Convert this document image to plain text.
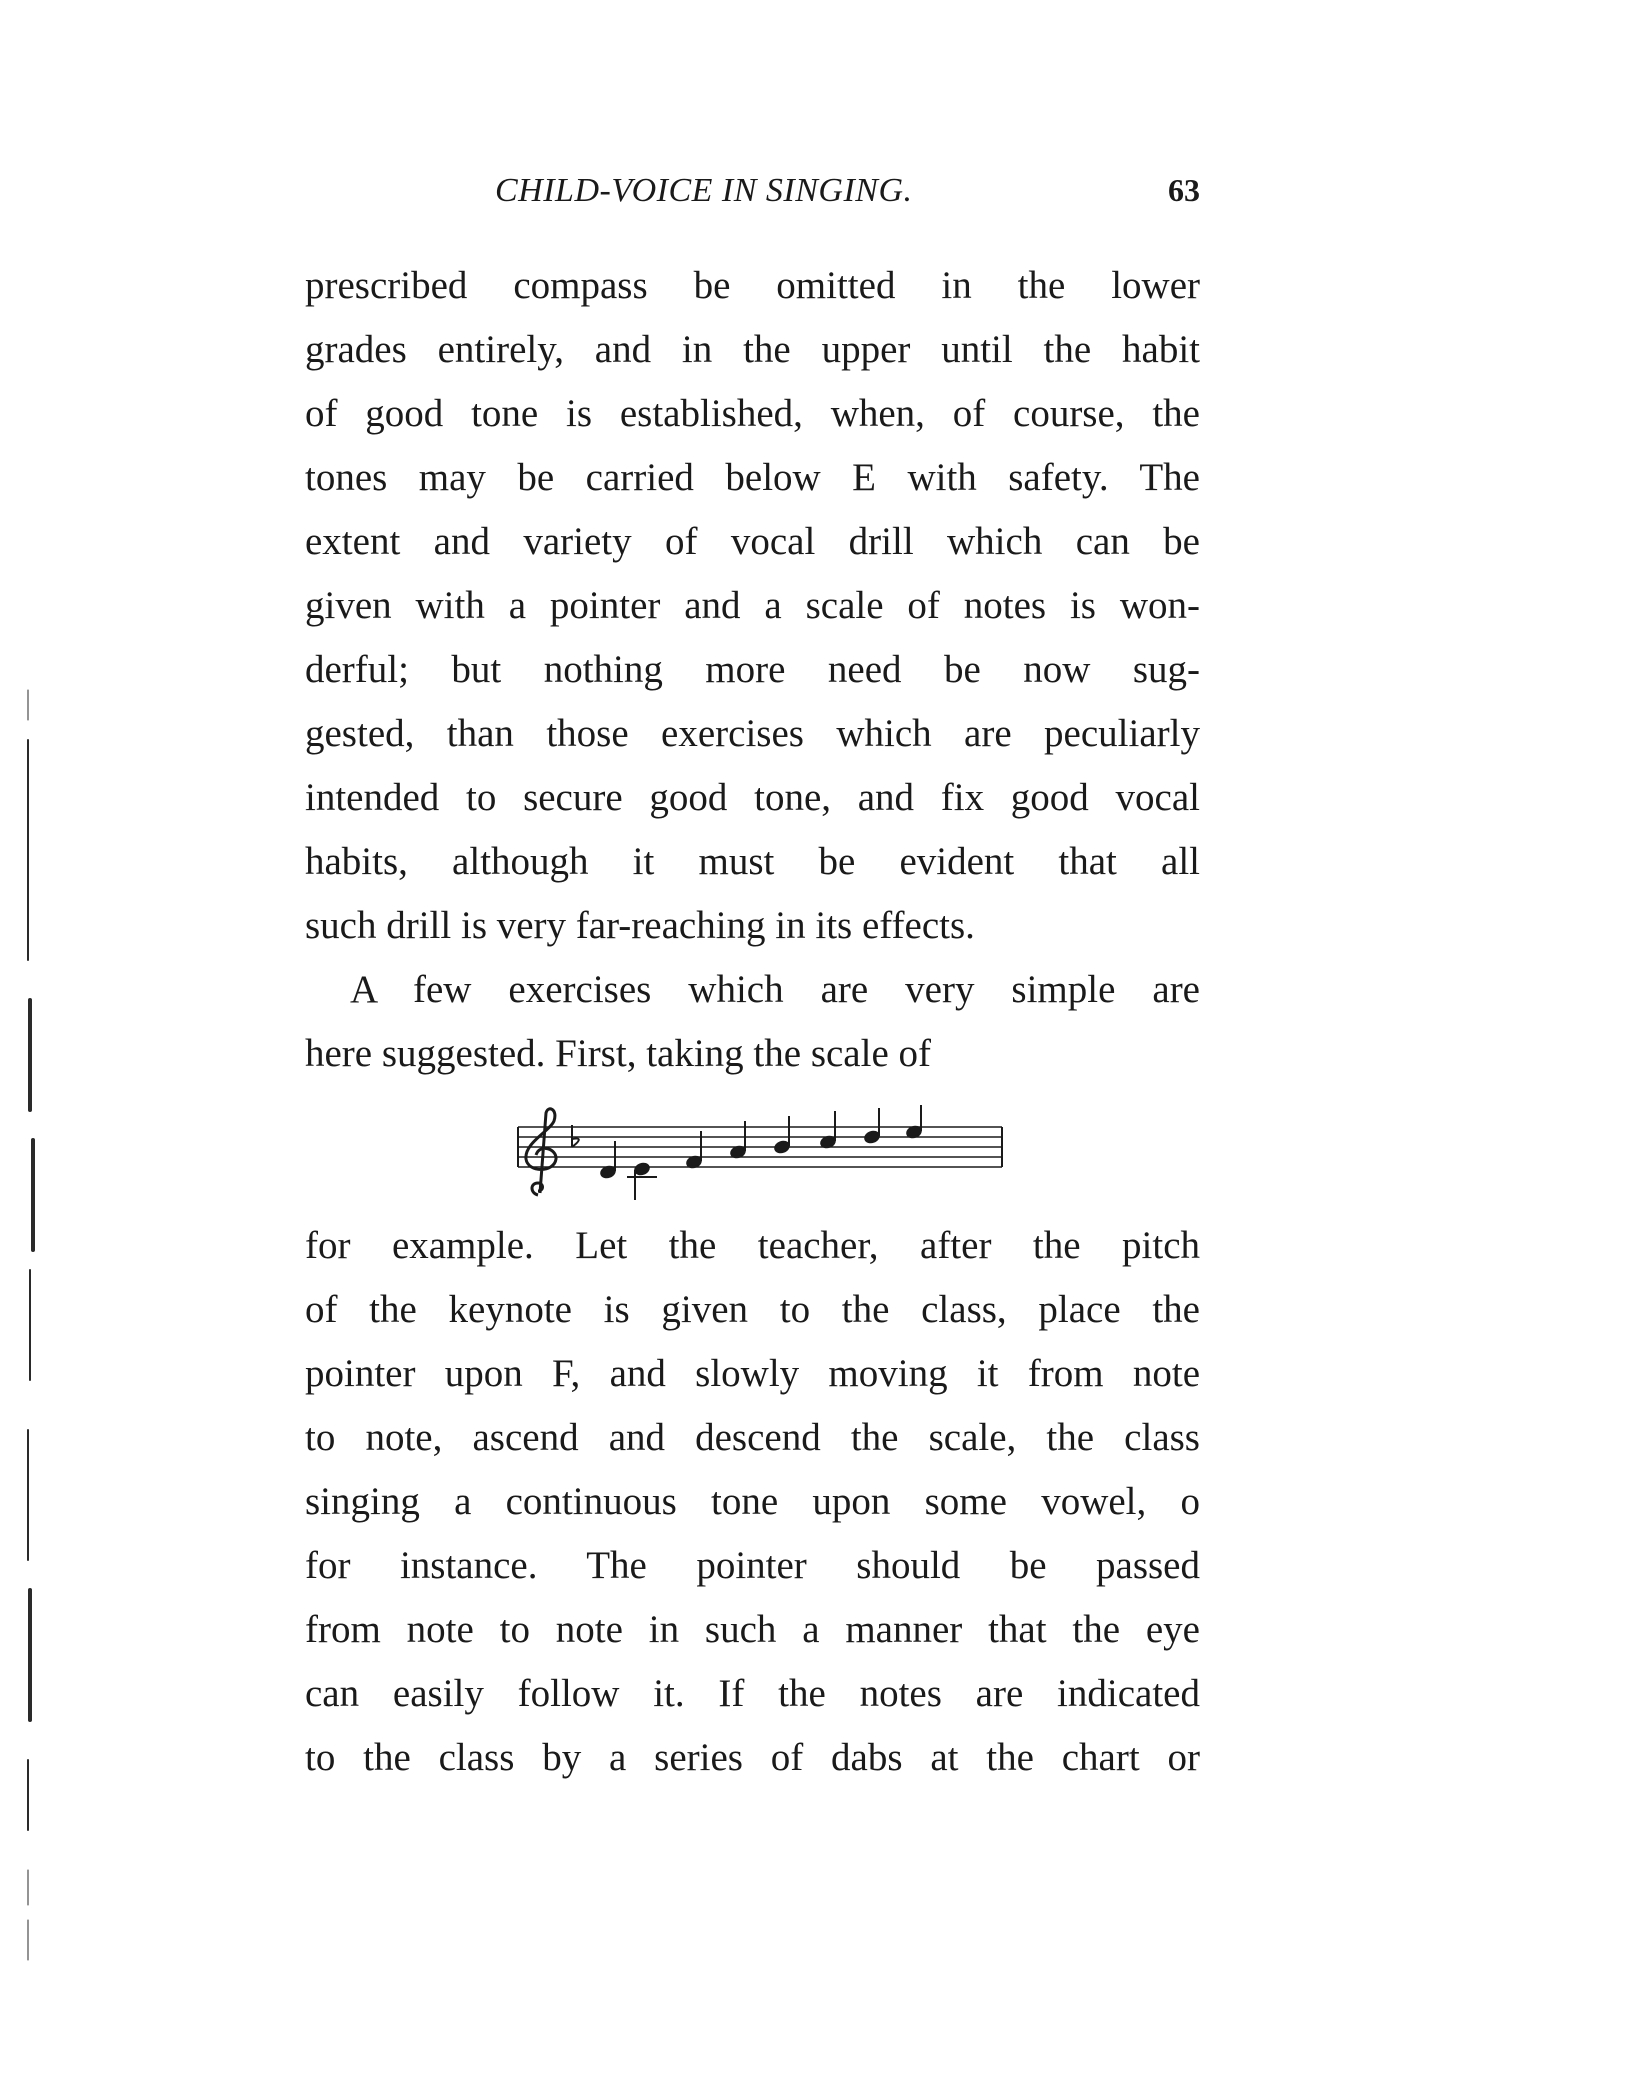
CHILD-VOICE IN SINGING.	63
prescribed compass be omitted in the lower
grades entirely, and in the upper until the habit
of good tone is established, when, of course, the
tones may be carried below E with safety. The
extent and variety of vocal drill which can be
given with a pointer and a scale of notes is won-
derful; but nothing more need be now sug-
gested, than those exercises which are peculiarly
intended to secure good tone, and fix good vocal
habits, although it must be evident that all
such drill is very far-reaching in its effects.
A few exercises which are very simple are
here suggested. First, taking the scale of
for example. Let the teacher, after the pitch
of the keynote is given to the class, place the
pointer upon F, and slowly moving it from note
to note, ascend and descend the scale, the class
singing a continuous tone upon some vowel, o
for instance. The pointer should be passed
from note to note in such a manner that the eye
can easily follow it. If the notes are indicated
to the class by a series of dabs at the chart or
